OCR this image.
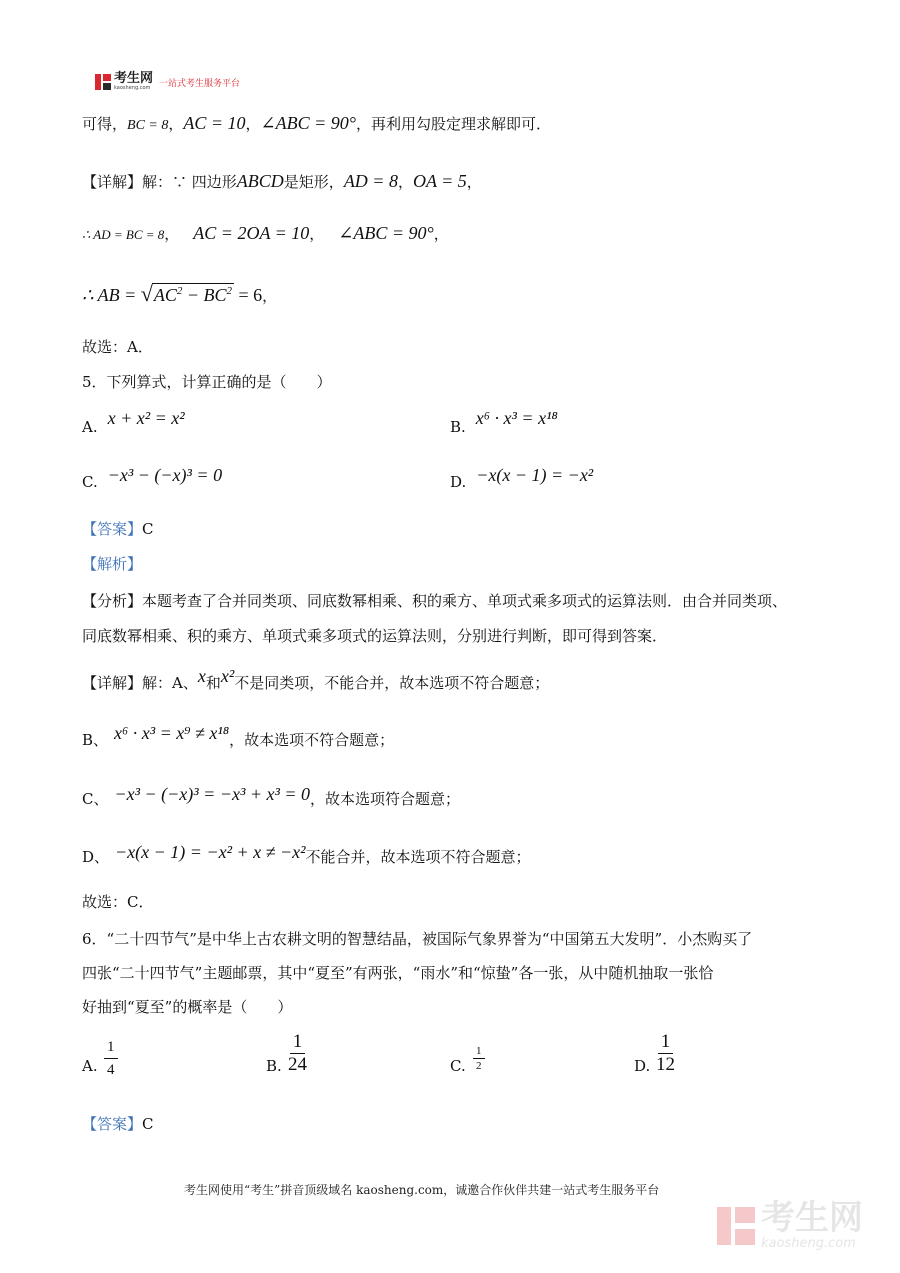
考生网
kaosheng.com 一站式考生服务平台
可得，BC = 8，AC = 10，∠ABC = 90°，再利用勾股定理求解即可．
【详解】解：∵ 四边形ABCD是矩形，AD = 8，OA = 5，
∴ AD = BC = 8， AC = 2OA = 10， ∠ABC = 90°，
∴ AB = $√AC^2 - BC^2 = 6$，
故选：A．
5．下列算式，计算正确的是（　　）
A. x + x² = x²	B. x⁶ · x³ = x¹⁸
C. −x³ − (−x)³ = 0	D. −x(x − 1) = −x²
【答案】C
【解析】
【分析】本题考查了合并同类项、同底数幂相乘、积的乘方、单项式乘多项式的运算法则．由合并同类项、
同底数幂相乘、积的乘方、单项式乘多项式的运算法则，分别进行判断，即可得到答案．
【详解】解：A、x和x²不是同类项，不能合并，故本选项不符合题意；
B、 x⁶ · x³ = x⁹ ≠ x¹⁸，故本选项不符合题意；
C、 −x³ − (−x)³ = −x³ + x³ = 0，故本选项符合题意；
D、 −x(x − 1) = −x² + x ≠ −x²不能合并，故本选项不符合题意；
故选：C．
6．“二十四节气”是中华上古农耕文明的智慧结晶，被国际气象界誉为“中国第五大发明”．小杰购买了
四张“二十四节气”主题邮票，其中“夏至”有两张，“雨水”和“惊蛰”各一张，从中随机抽取一张恰
好抽到“夏至”的概率是（　　）
A. $\frac{1}{4}$	B. $\frac{1}{24}$	C. $\frac{1}{2}$	D. $\frac{1}{12}$
【答案】C
考生网使用“考生”拼音顶级域名 kaosheng.com，诚邀合作伙伴共建一站式考生服务平台
考生网
kaosheng.com
